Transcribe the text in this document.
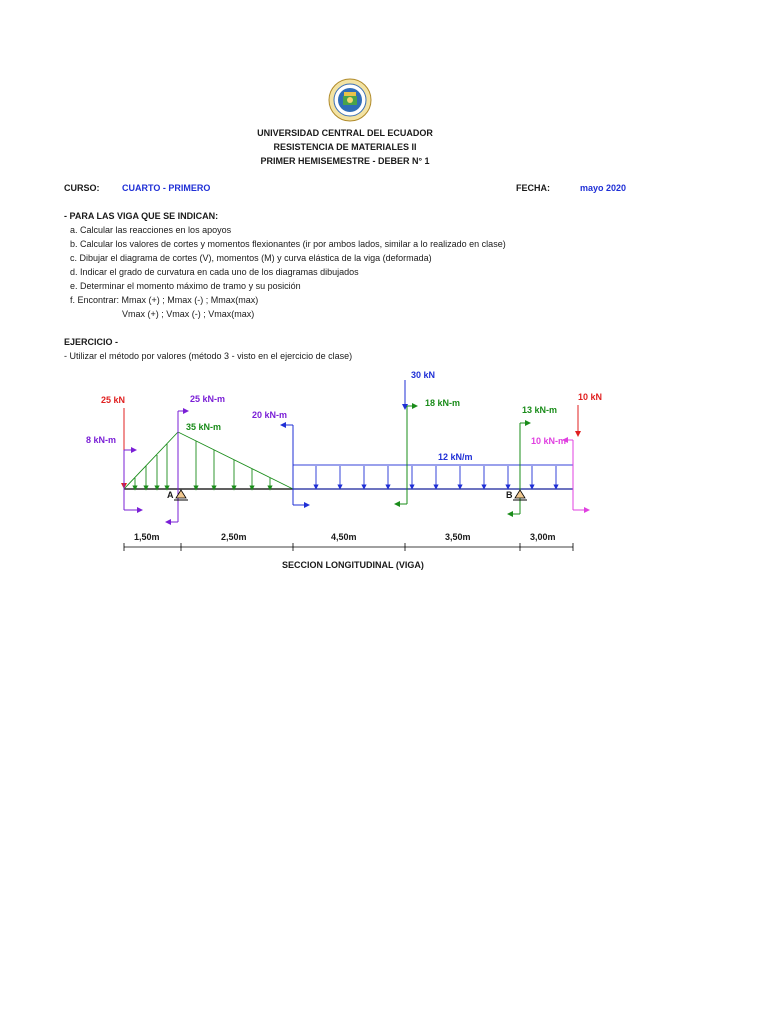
UNIVERSIDAD CENTRAL DEL ECUADOR
RESISTENCIA DE MATERIALES II
PRIMER HEMISEMESTRE - DEBER N° 1
CURSO:	CUARTO - PRIMERO	FECHA:	mayo 2020
- PARA LAS VIGA QUE SE INDICAN:
a. Calcular las reacciones en los apoyos
b. Calcular los valores de cortes y momentos flexionantes (ir por ambos lados, similar a lo realizado en clase)
c. Dibujar el diagrama de cortes (V), momentos (M) y curva elástica de la viga (deformada)
d. Indicar el grado de curvatura en cada uno de los diagramas dibujados
e. Determinar el momento máximo de tramo y su posición
f. Encontrar: Mmax (+) ; Mmax (-) ; Mmax(max)
Vmax (+) ; Vmax (-) ; Vmax(max)
EJERCICIO -
- Utilizar el método por valores (método 3 - visto en el ejercicio de clase)
25 kN
8 kN-m
25 kN-m
35 kN-m
20 kN-m
30 kN
18 kN-m
12 kN/m
13 kN-m
10 kN
10 kN-m
A	B
1,50m	2,50m	4,50m	3,50m	3,00m
SECCION LONGITUDINAL (VIGA)
